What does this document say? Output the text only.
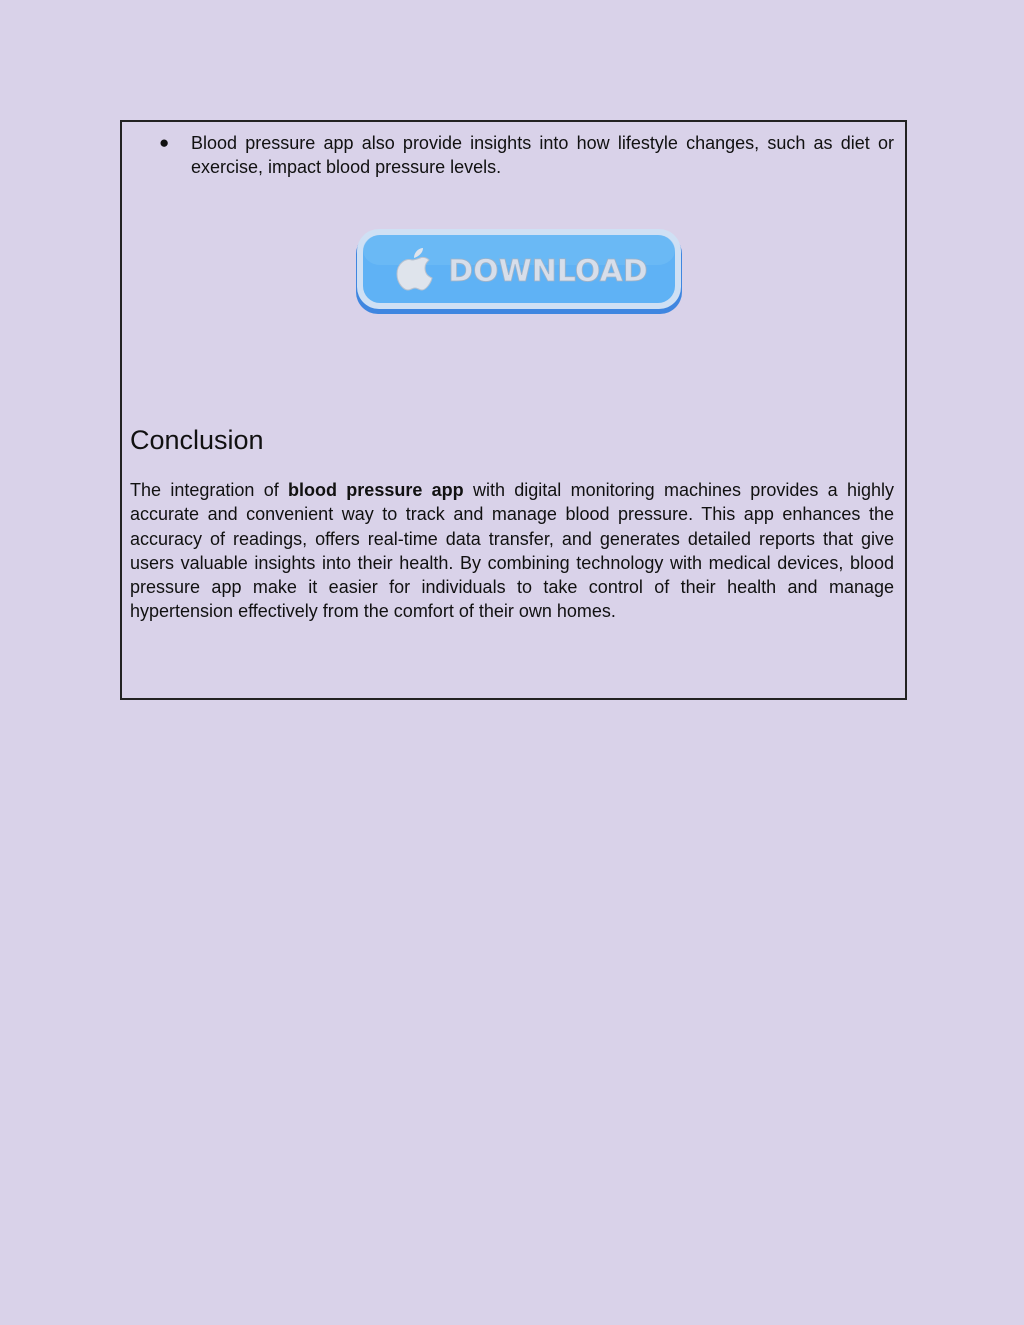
●	Blood pressure app also provide insights into how lifestyle changes, such as diet or exercise, impact blood pressure levels.
DOWNLOAD
Conclusion

The integration of blood pressure app with digital monitoring machines provides a highly accurate and convenient way to track and manage blood pressure. This app enhances the accuracy of readings, offers real-time data transfer, and generates detailed reports that give users valuable insights into their health. By combining technology with medical devices, blood pressure app make it easier for individuals to take control of their health and manage hypertension effectively from the comfort of their own homes.
